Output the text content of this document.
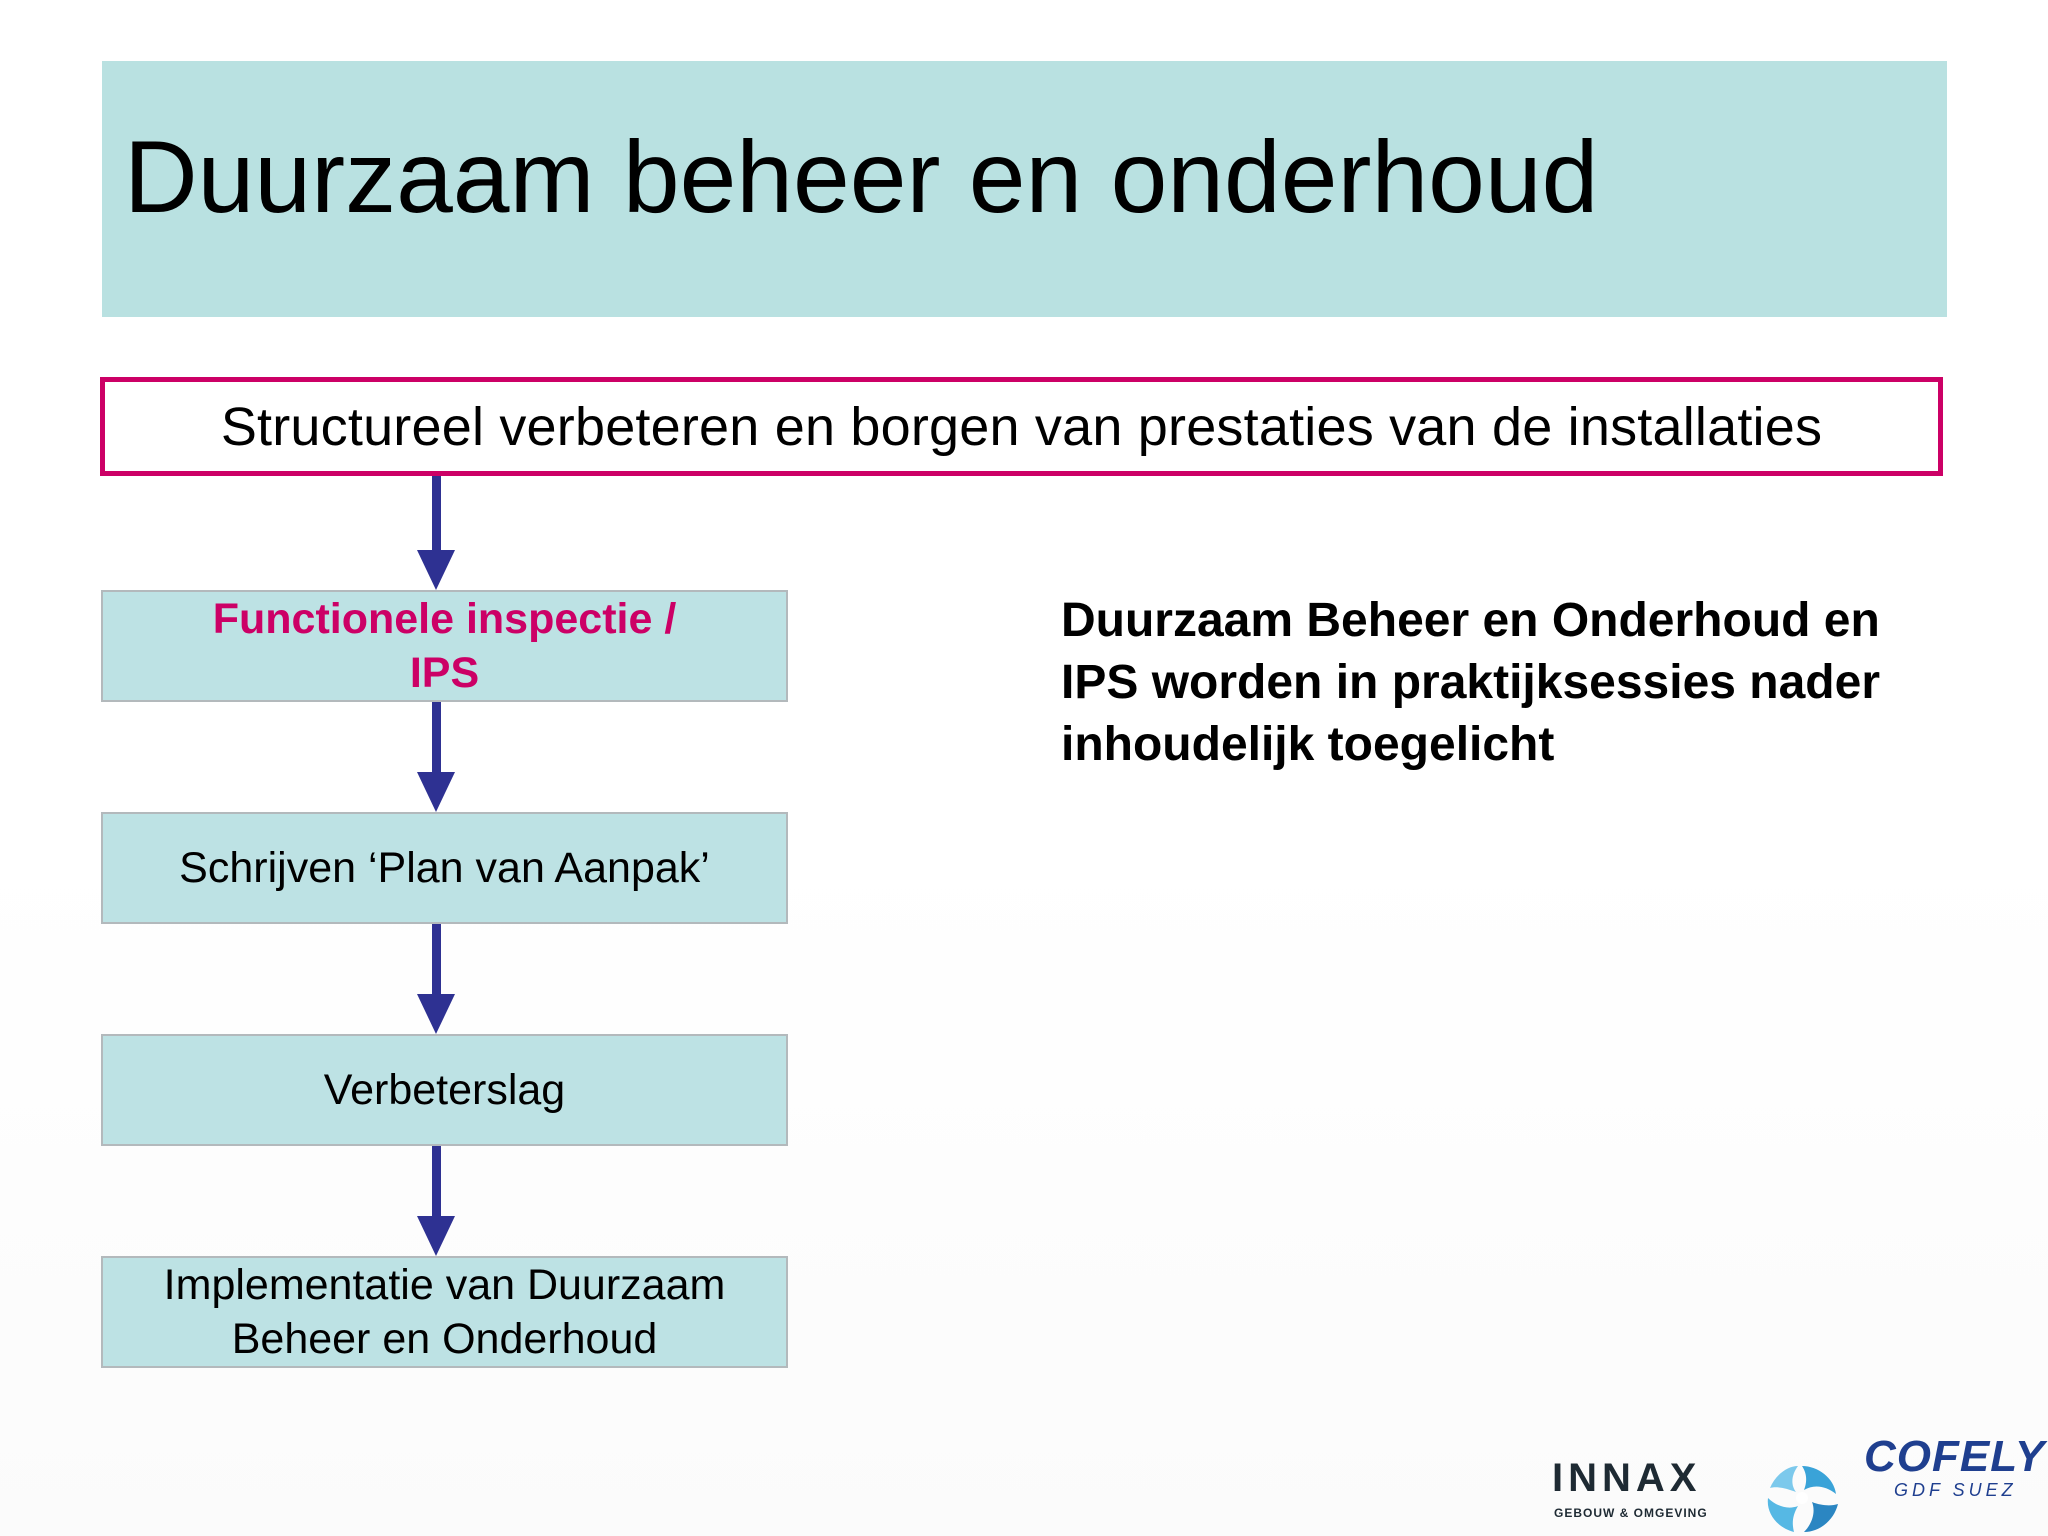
Duurzaam beheer en onderhoud
Structureel verbeteren en borgen van prestaties van de installaties
Functionele inspectie / IPS
Schrijven ‘Plan van Aanpak’
Verbeterslag
Implementatie van Duurzaam Beheer en Onderhoud
Duurzaam Beheer en Onderhoud en IPS worden in praktijksessies nader inhoudelijk toegelicht
INNAX
GEBOUW & OMGEVING
COFELY
GDF SUEZ
